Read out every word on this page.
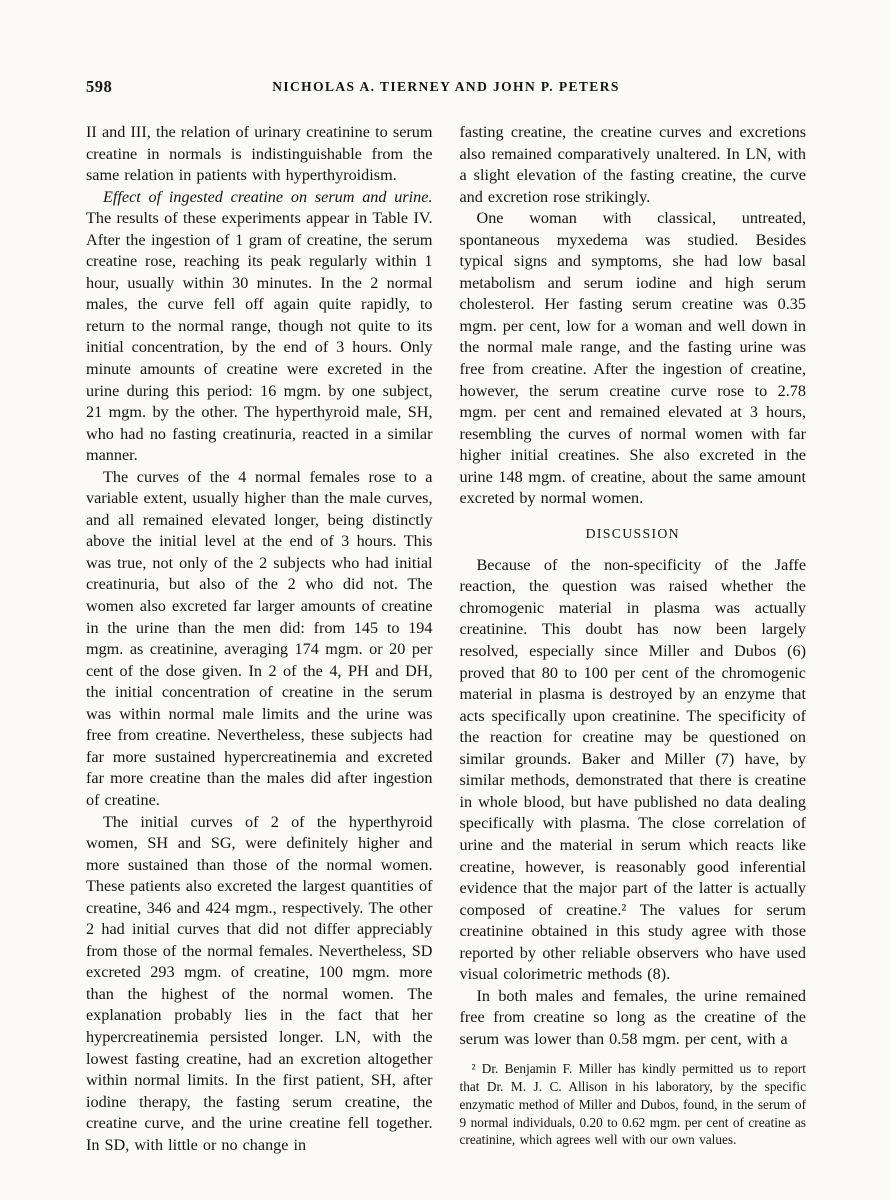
598	NICHOLAS A. TIERNEY AND JOHN P. PETERS

II and III, the relation of urinary creatinine to serum creatine in normals is indistinguishable from the same relation in patients with hyperthyroidism.

Effect of ingested creatine on serum and urine. The results of these experiments appear in Table IV. After the ingestion of 1 gram of creatine, the serum creatine rose, reaching its peak regularly within 1 hour, usually within 30 minutes. In the 2 normal males, the curve fell off again quite rapidly, to return to the normal range, though not quite to its initial concentration, by the end of 3 hours. Only minute amounts of creatine were excreted in the urine during this period: 16 mgm. by one subject, 21 mgm. by the other. The hyperthyroid male, SH, who had no fasting creatinuria, reacted in a similar manner.

The curves of the 4 normal females rose to a variable extent, usually higher than the male curves, and all remained elevated longer, being distinctly above the initial level at the end of 3 hours. This was true, not only of the 2 subjects who had initial creatinuria, but also of the 2 who did not. The women also excreted far larger amounts of creatine in the urine than the men did: from 145 to 194 mgm. as creatinine, averaging 174 mgm. or 20 per cent of the dose given. In 2 of the 4, PH and DH, the initial concentration of creatine in the serum was within normal male limits and the urine was free from creatine. Nevertheless, these subjects had far more sustained hypercreatinemia and excreted far more creatine than the males did after ingestion of creatine.

The initial curves of 2 of the hyperthyroid women, SH and SG, were definitely higher and more sustained than those of the normal women. These patients also excreted the largest quantities of creatine, 346 and 424 mgm., respectively. The other 2 had initial curves that did not differ appreciably from those of the normal females. Nevertheless, SD excreted 293 mgm. of creatine, 100 mgm. more than the highest of the normal women. The explanation probably lies in the fact that her hypercreatinemia persisted longer. LN, with the lowest fasting creatine, had an excretion altogether within normal limits. In the first patient, SH, after iodine therapy, the fasting serum creatine, the creatine curve, and the urine creatine fell together. In SD, with little or no change in

fasting creatine, the creatine curves and excretions also remained comparatively unaltered. In LN, with a slight elevation of the fasting creatine, the curve and excretion rose strikingly.

One woman with classical, untreated, spontaneous myxedema was studied. Besides typical signs and symptoms, she had low basal metabolism and serum iodine and high serum cholesterol. Her fasting serum creatine was 0.35 mgm. per cent, low for a woman and well down in the normal male range, and the fasting urine was free from creatine. After the ingestion of creatine, however, the serum creatine curve rose to 2.78 mgm. per cent and remained elevated at 3 hours, resembling the curves of normal women with far higher initial creatines. She also excreted in the urine 148 mgm. of creatine, about the same amount excreted by normal women.

DISCUSSION

Because of the non-specificity of the Jaffe reaction, the question was raised whether the chromogenic material in plasma was actually creatinine. This doubt has now been largely resolved, especially since Miller and Dubos (6) proved that 80 to 100 per cent of the chromogenic material in plasma is destroyed by an enzyme that acts specifically upon creatinine. The specificity of the reaction for creatine may be questioned on similar grounds. Baker and Miller (7) have, by similar methods, demonstrated that there is creatine in whole blood, but have published no data dealing specifically with plasma. The close correlation of urine and the material in serum which reacts like creatine, however, is reasonably good inferential evidence that the major part of the latter is actually composed of creatine.² The values for serum creatinine obtained in this study agree with those reported by other reliable observers who have used visual colorimetric methods (8).

In both males and females, the urine remained free from creatine so long as the creatine of the serum was lower than 0.58 mgm. per cent, with a

² Dr. Benjamin F. Miller has kindly permitted us to report that Dr. M. J. C. Allison in his laboratory, by the specific enzymatic method of Miller and Dubos, found, in the serum of 9 normal individuals, 0.20 to 0.62 mgm. per cent of creatine as creatinine, which agrees well with our own values.
